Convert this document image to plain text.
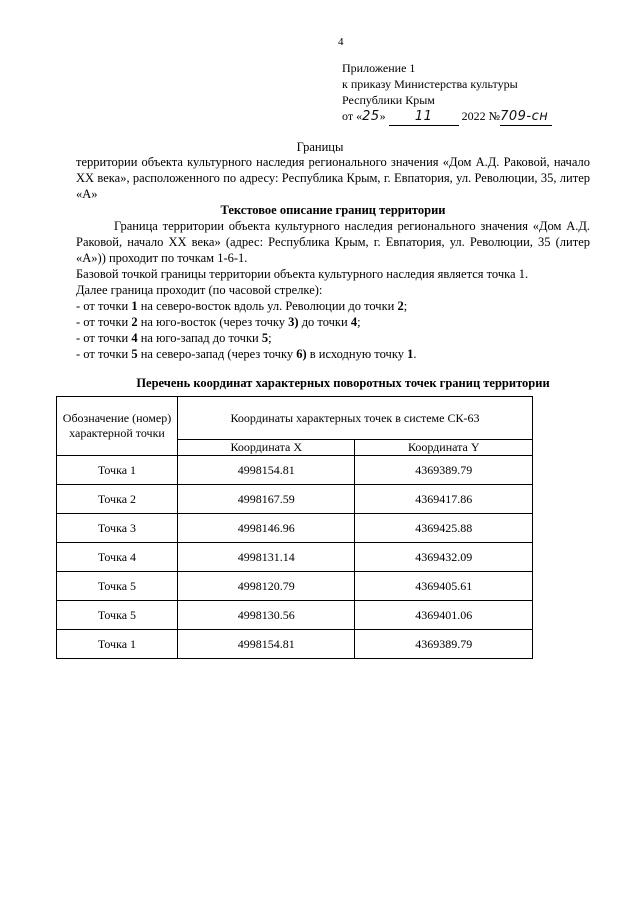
4
Приложение 1
к приказу Министерства культуры
Республики Крым
от «25» 11 2022 №709-сн
Границы

территории объекта культурного наследия регионального значения «Дом А.Д. Раковой, начало XX века», расположенного по адресу: Республика Крым, г. Евпатория, ул. Революции, 35, литер «А»

Текстовое описание границ территории

Граница территории объекта культурного наследия регионального значения «Дом А.Д. Раковой, начало XX века» (адрес: Республика Крым, г. Евпатория, ул. Революции, 35 (литер «А»)) проходит по точкам 1-6-1.

Базовой точкой границы территории объекта культурного наследия является точка 1.

Далее граница проходит (по часовой стрелке):

- от точки 1 на северо-восток вдоль ул. Революции до точки 2;

- от точки 2 на юго-восток (через точку 3) до точки 4;

- от точки 4 на юго-запад до точки 5;

- от точки 5 на северо-запад (через точку 6) в исходную точку 1.

Перечень координат характерных поворотных точек границ территории
Обозначение (номер) характерной точки	Координаты характерных точек в системе СК-63	
	Координата X	Координата Y
Точка 1	4998154.81	4369389.79
Точка 2	4998167.59	4369417.86
Точка 3	4998146.96	4369425.88
Точка 4	4998131.14	4369432.09
Точка 5	4998120.79	4369405.61
Точка 5	4998130.56	4369401.06
Точка 1	4998154.81	4369389.79
